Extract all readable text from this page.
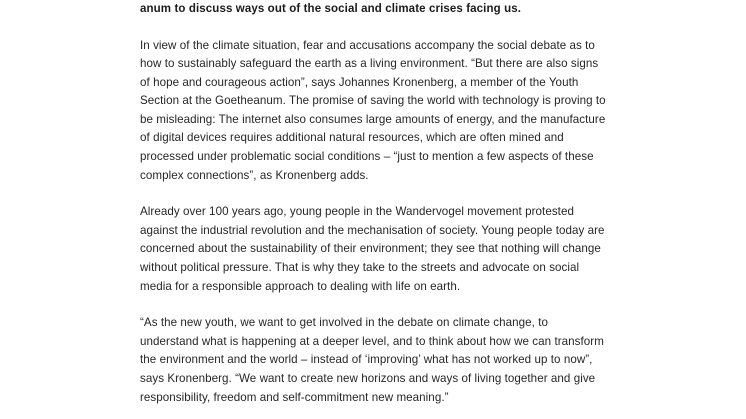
anum to discuss ways out of the social and climate crises facing us.

In view of the climate situation, fear and accusations accompany the social debate as to how to sustainably safeguard the earth as a living environment. “But there are also signs of hope and courageous action”, says Johannes Kronenberg, a member of the Youth Section at the Goetheanum. The promise of saving the world with technology is proving to be misleading: The internet also consumes large amounts of energy, and the manufacture of digital devices requires additional natural resources, which are often mined and processed under problematic social conditions – “just to mention a few aspects of these complex connections”, as Kronenberg adds.

Already over 100 years ago, young people in the Wandervogel movement protested against the industrial revolution and the mechanisation of society. Young people today are concerned about the sustainability of their environment; they see that nothing will change without political pressure. That is why they take to the streets and advocate on social media for a responsible approach to dealing with life on earth.

“As the new youth, we want to get involved in the debate on climate change, to understand what is happening at a deeper level, and to think about how we can transform the environment and the world – instead of ‘improving’ what has not worked up to now”, says Kronenberg. “We want to create new horizons and ways of living together and give responsibility, freedom and self-commitment new meaning.”
